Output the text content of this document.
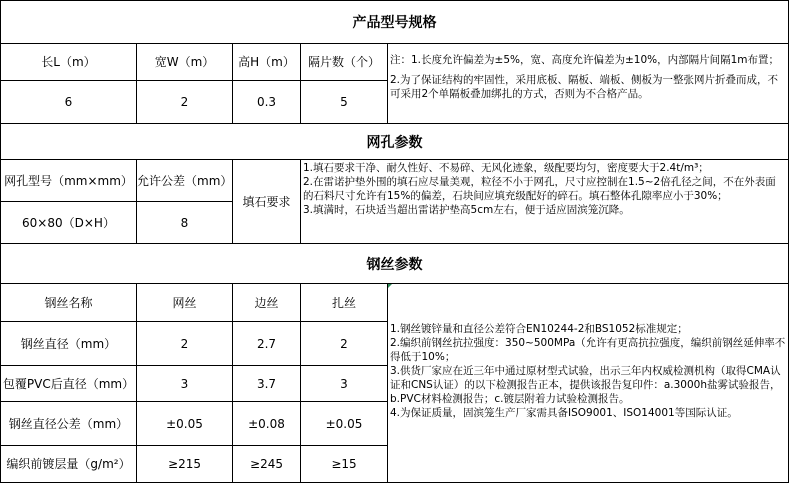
产品型号规格
长L（m）	宽W（m）	高H（m）	隔片数（个）
6	2	0.3	5

注：1.长度允许偏差为±5%，宽、高度允许偏差为±10%，内部隔片间隔1m布置；

2.为了保证结构的牢固性，采用底板、隔板、端板、侧板为一整张网片折叠而成，不可采用2个单隔板叠加绑扎的方式，否则为不合格产品。

网孔参数
网孔型号（mm×mm） 允许公差（mm）
60×80（D×H）	8
填石要求

1.填石要求干净、耐久性好、不易碎、无风化迹象，级配要均匀，密度要大于2.4t/m³；

2.在雷诺护垫外围的填石应尽量美观，粒径不小于网孔，尺寸应控制在1.5~2倍孔径之间，不在外表面的石料尺寸允许有15%的偏差，石块间应填充级配好的碎石。填石整体孔隙率应小于30%；

3.填满时，石块适当超出雷诺护垫高5cm左右，便于适应固滨笼沉降。

钢丝参数
钢丝名称	网丝	边丝	扎丝
钢丝直径（mm）	2	2.7	2
包覆PVC后直径（mm）	3	3.7	3
钢丝直径公差（mm）	±0.05	±0.08	±0.05
编织前镀层量（g/m²）	≥215	≥245	≥15

1.钢丝镀锌量和直径公差符合EN10244-2和BS1052标准规定；

2.编织前钢丝抗拉强度：350~500MPa（允许有更高抗拉强度，编织前钢丝延伸率不得低于10%；

3.供货厂家应在近三年中通过原材型式试验，出示三年内权威检测机构（取得CMA认证和CNS认证）的以下检测报告正本，提供该报告复印件：a.3000h盐雾试验报告，b.PVC材料检测报告；c.镀层附着力试验检测报告。

4.为保证质量，固滨笼生产厂家需具备ISO9001、ISO14001等国际认证。
